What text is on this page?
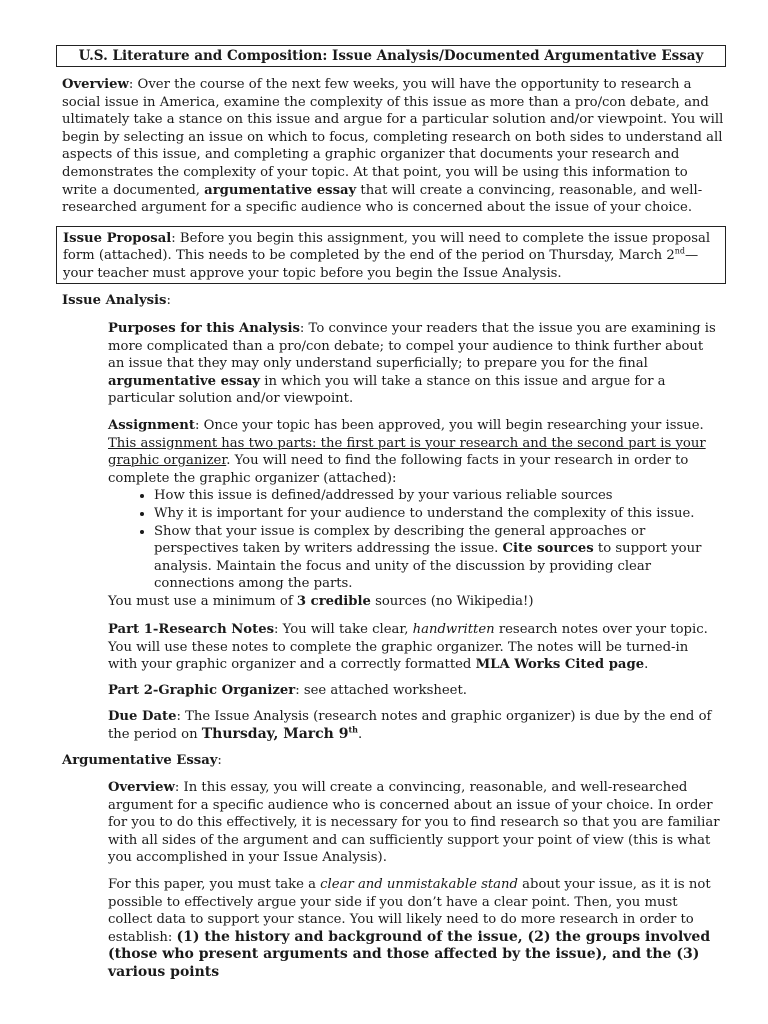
U.S. Literature and Composition: Issue Analysis/Documented Argumentative Essay
Overview: Over the course of the next few weeks, you will have the opportunity to research a social issue in America, examine the complexity of this issue as more than a pro/con debate, and ultimately take a stance on this issue and argue for a particular solution and/or viewpoint. You will begin by selecting an issue on which to focus, completing research on both sides to understand all aspects of this issue, and completing a graphic organizer that documents your research and demonstrates the complexity of your topic. At that point, you will be using this information to write a documented, argumentative essay that will create a convincing, reasonable, and well-researched argument for a specific audience who is concerned about the issue of your choice.
Issue Proposal: Before you begin this assignment, you will need to complete the issue proposal form (attached). This needs to be completed by the end of the period on Thursday, March 2nd—your teacher must approve your topic before you begin the Issue Analysis.
Issue Analysis:
Purposes for this Analysis: To convince your readers that the issue you are examining is more complicated than a pro/con debate; to compel your audience to think further about an issue that they may only understand superficially; to prepare you for the final argumentative essay in which you will take a stance on this issue and argue for a particular solution and/or viewpoint.
Assignment: Once your topic has been approved, you will begin researching your issue. This assignment has two parts: the first part is your research and the second part is your graphic organizer. You will need to find the following facts in your research in order to complete the graphic organizer (attached):
• How this issue is defined/addressed by your various reliable sources
• Why it is important for your audience to understand the complexity of this issue.
• Show that your issue is complex by describing the general approaches or perspectives taken by writers addressing the issue. Cite sources to support your analysis. Maintain the focus and unity of the discussion by providing clear connections among the parts.
You must use a minimum of 3 credible sources (no Wikipedia!)
Part 1-Research Notes: You will take clear, handwritten research notes over your topic. You will use these notes to complete the graphic organizer. The notes will be turned-in with your graphic organizer and a correctly formatted MLA Works Cited page.
Part 2-Graphic Organizer: see attached worksheet.
Due Date: The Issue Analysis (research notes and graphic organizer) is due by the end of the period on Thursday, March 9th.
Argumentative Essay:
Overview: In this essay, you will create a convincing, reasonable, and well-researched argument for a specific audience who is concerned about an issue of your choice. In order for you to do this effectively, it is necessary for you to find research so that you are familiar with all sides of the argument and can sufficiently support your point of view (this is what you accomplished in your Issue Analysis).
For this paper, you must take a clear and unmistakable stand about your issue, as it is not possible to effectively argue your side if you don’t have a clear point. Then, you must collect data to support your stance. You will likely need to do more research in order to establish: (1) the history and background of the issue, (2) the groups involved (those who present arguments and those affected by the issue), and the (3) various points
